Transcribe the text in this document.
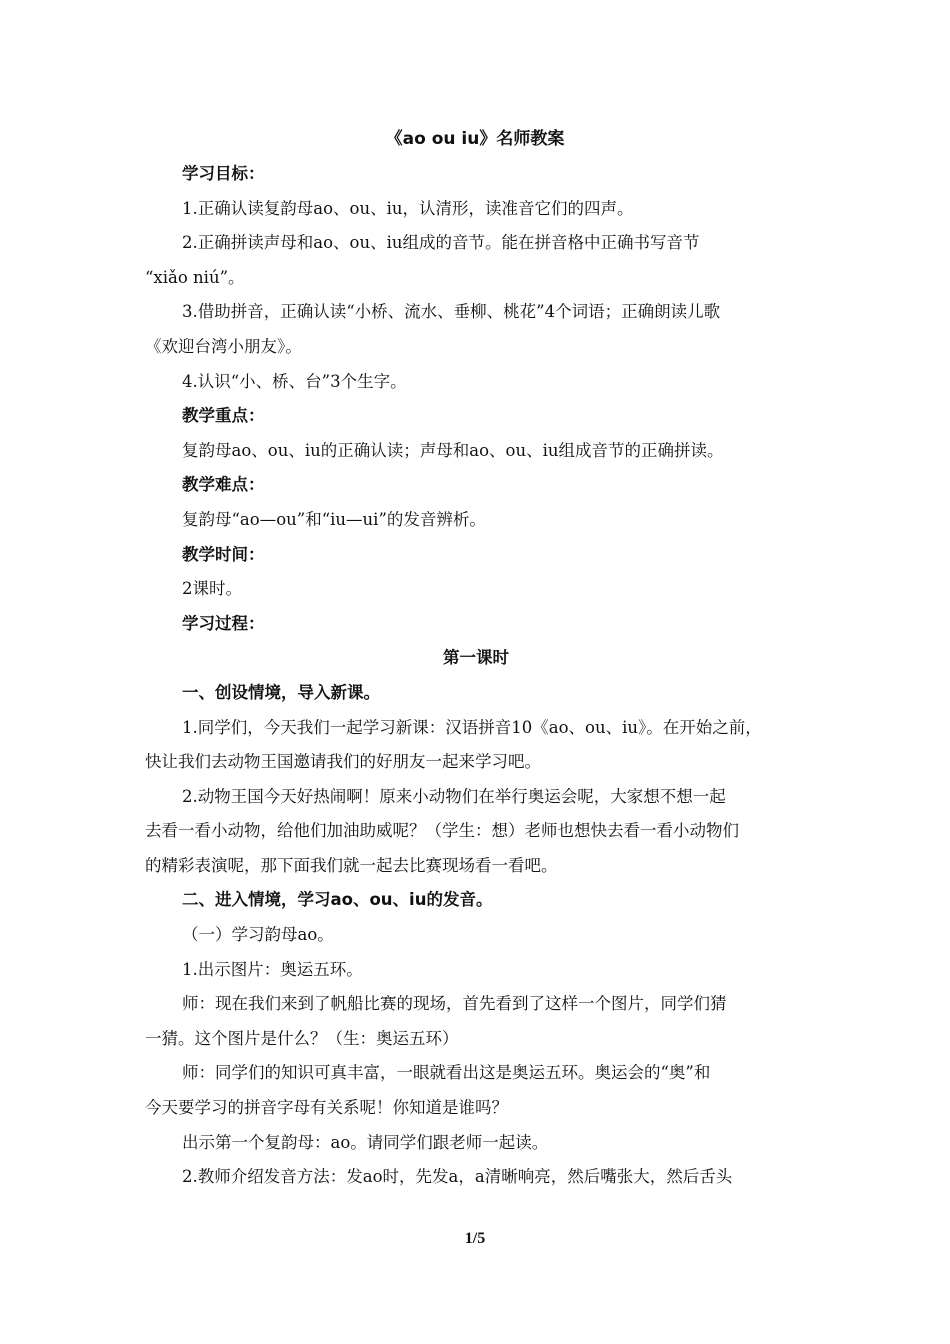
《ao ou iu》名师教案
学习目标：
1.正确认读复韵母ao、ou、iu，认清形，读准音它们的四声。
2.正确拼读声母和ao、ou、iu组成的音节。能在拼音格中正确书写音节
“xiǎo niú”。
3.借助拼音，正确认读“小桥、流水、垂柳、桃花”4个词语；正确朗读儿歌
《欢迎台湾小朋友》。
4.认识“小、桥、台”3个生字。
教学重点：
复韵母ao、ou、iu的正确认读；声母和ao、ou、iu组成音节的正确拼读。
教学难点：
复韵母“ao—ou”和“iu—ui”的发音辨析。
教学时间：
2课时。
学习过程：
第一课时
一、创设情境，导入新课。
1.同学们，今天我们一起学习新课：汉语拼音10《ao、ou、iu》。在开始之前，
快让我们去动物王国邀请我们的好朋友一起来学习吧。
2.动物王国今天好热闹啊！原来小动物们在举行奥运会呢，大家想不想一起
去看一看小动物，给他们加油助威呢？（学生：想）老师也想快去看一看小动物们
的精彩表演呢，那下面我们就一起去比赛现场看一看吧。
二、进入情境，学习ao、ou、iu的发音。
（一）学习韵母ao。
1.出示图片：奥运五环。
师：现在我们来到了帆船比赛的现场，首先看到了这样一个图片，同学们猜
一猜。这个图片是什么？（生：奥运五环）
师：同学们的知识可真丰富，一眼就看出这是奥运五环。奥运会的“奥”和
今天要学习的拼音字母有关系呢！你知道是谁吗？
出示第一个复韵母：ao。请同学们跟老师一起读。
2.教师介绍发音方法：发ao时，先发a，a清晰响亮，然后嘴张大，然后舌头
1/5
